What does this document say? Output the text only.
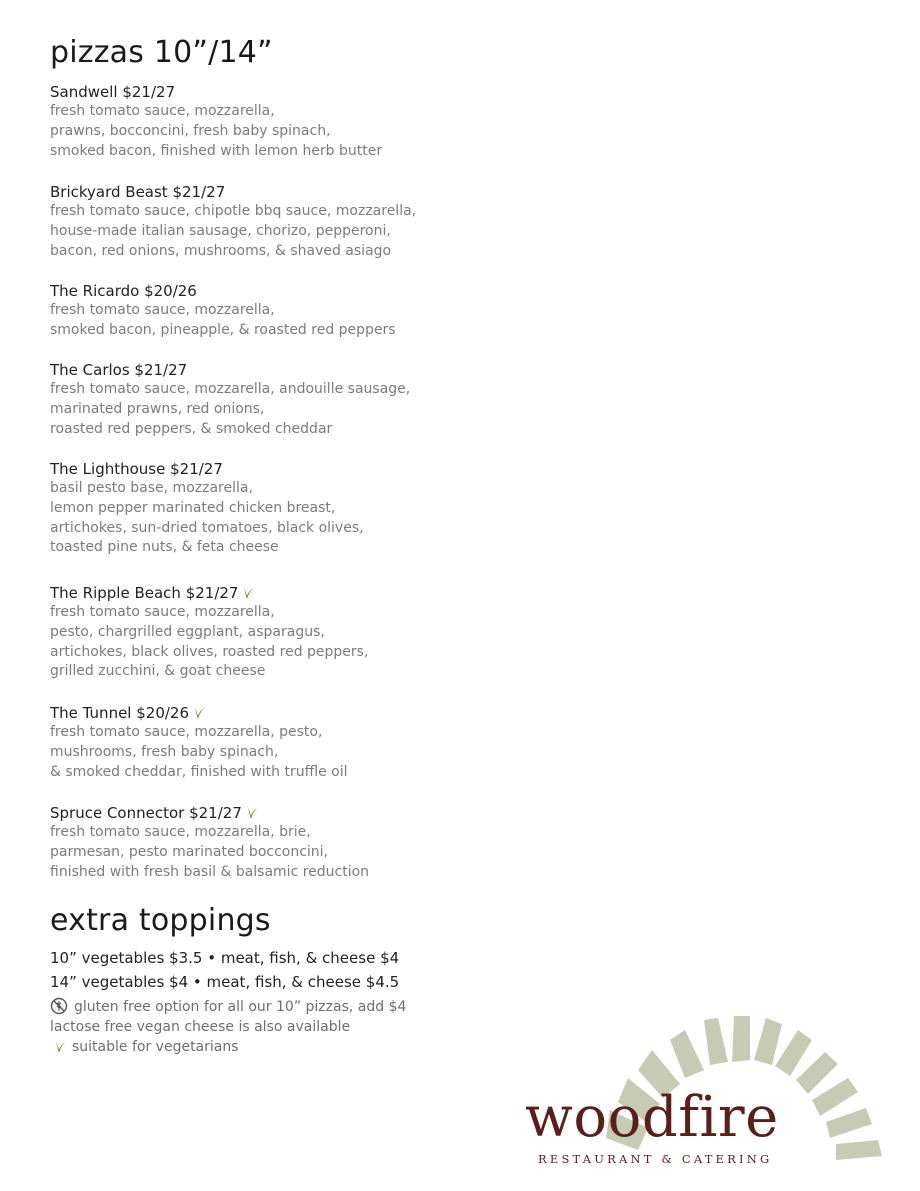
pizzas 10”/14”
Sandwell $21/27
fresh tomato sauce, mozzarella,
prawns, bocconcini, fresh baby spinach,
smoked bacon, finished with lemon herb butter
Brickyard Beast $21/27
fresh tomato sauce, chipotle bbq sauce, mozzarella,
house-made italian sausage, chorizo, pepperoni,
bacon, red onions, mushrooms, & shaved asiago
The Ricardo $20/26
fresh tomato sauce, mozzarella,
smoked bacon, pineapple, & roasted red peppers
The Carlos $21/27
fresh tomato sauce, mozzarella, andouille sausage,
marinated prawns, red onions,
roasted red peppers, & smoked cheddar
The Lighthouse $21/27
basil pesto base, mozzarella,
lemon pepper marinated chicken breast,
artichokes, sun-dried tomatoes, black olives,
toasted pine nuts, & feta cheese
The Ripple Beach $21/27
fresh tomato sauce, mozzarella,
pesto, chargrilled eggplant, asparagus,
artichokes, black olives, roasted red peppers,
grilled zucchini, & goat cheese
The Tunnel $20/26
fresh tomato sauce, mozzarella, pesto,
mushrooms, fresh baby spinach,
& smoked cheddar, finished with truffle oil
Spruce Connector $21/27
fresh tomato sauce, mozzarella, brie,
parmesan, pesto marinated bocconcini,
finished with fresh basil & balsamic reduction
extra toppings
10” vegetables $3.5 • meat, fish, & cheese $4
14” vegetables $4 • meat, fish, & cheese $4.5
gluten free option for all our 10” pizzas, add $4
lactose free vegan cheese is also available
suitable for vegetarians
woodfire
RESTAURANT & CATERING
